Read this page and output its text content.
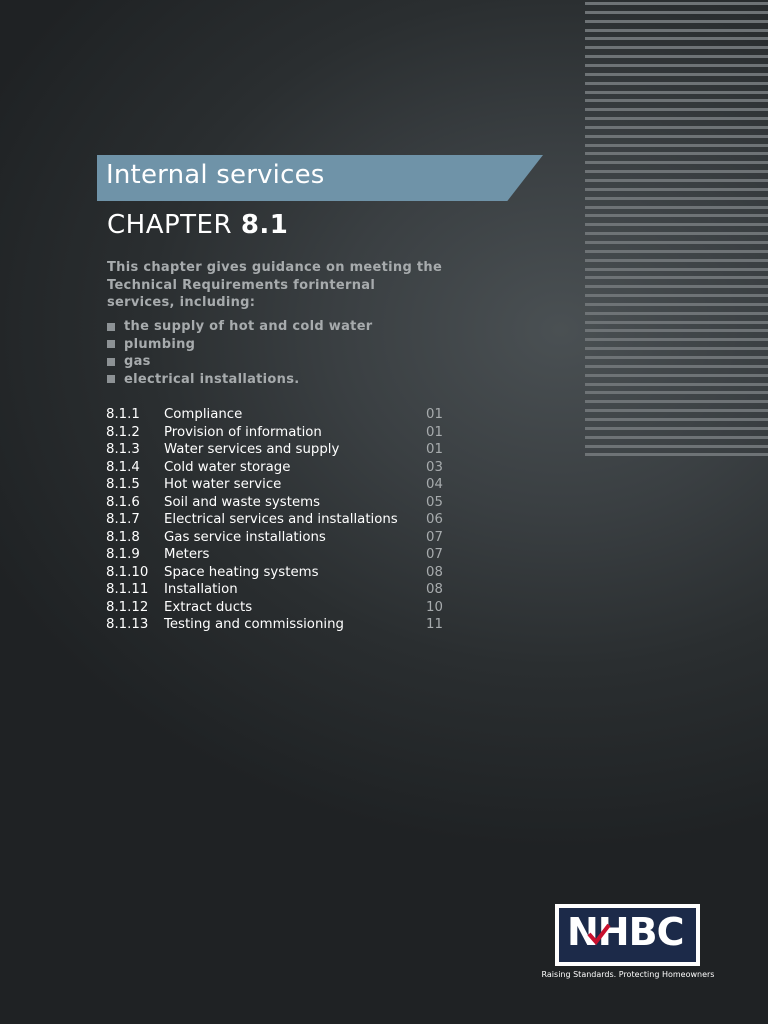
Internal services
CHAPTER 8.1
This chapter gives guidance on meeting the Technical Requirements forinternal services, including:
the supply of hot and cold water
plumbing
gas
electrical installations.
8.1.1	Compliance	01
8.1.2	Provision of information	01
8.1.3	Water services and supply	01
8.1.4	Cold water storage	03
8.1.5	Hot water service	04
8.1.6	Soil and waste systems	05
8.1.7	Electrical services and installations	06
8.1.8	Gas service installations	07
8.1.9	Meters	07
8.1.10	Space heating systems	08
8.1.11	Installation	08
8.1.12	Extract ducts	10
8.1.13	Testing and commissioning	11
NHBC
Raising Standards. Protecting Homeowners
